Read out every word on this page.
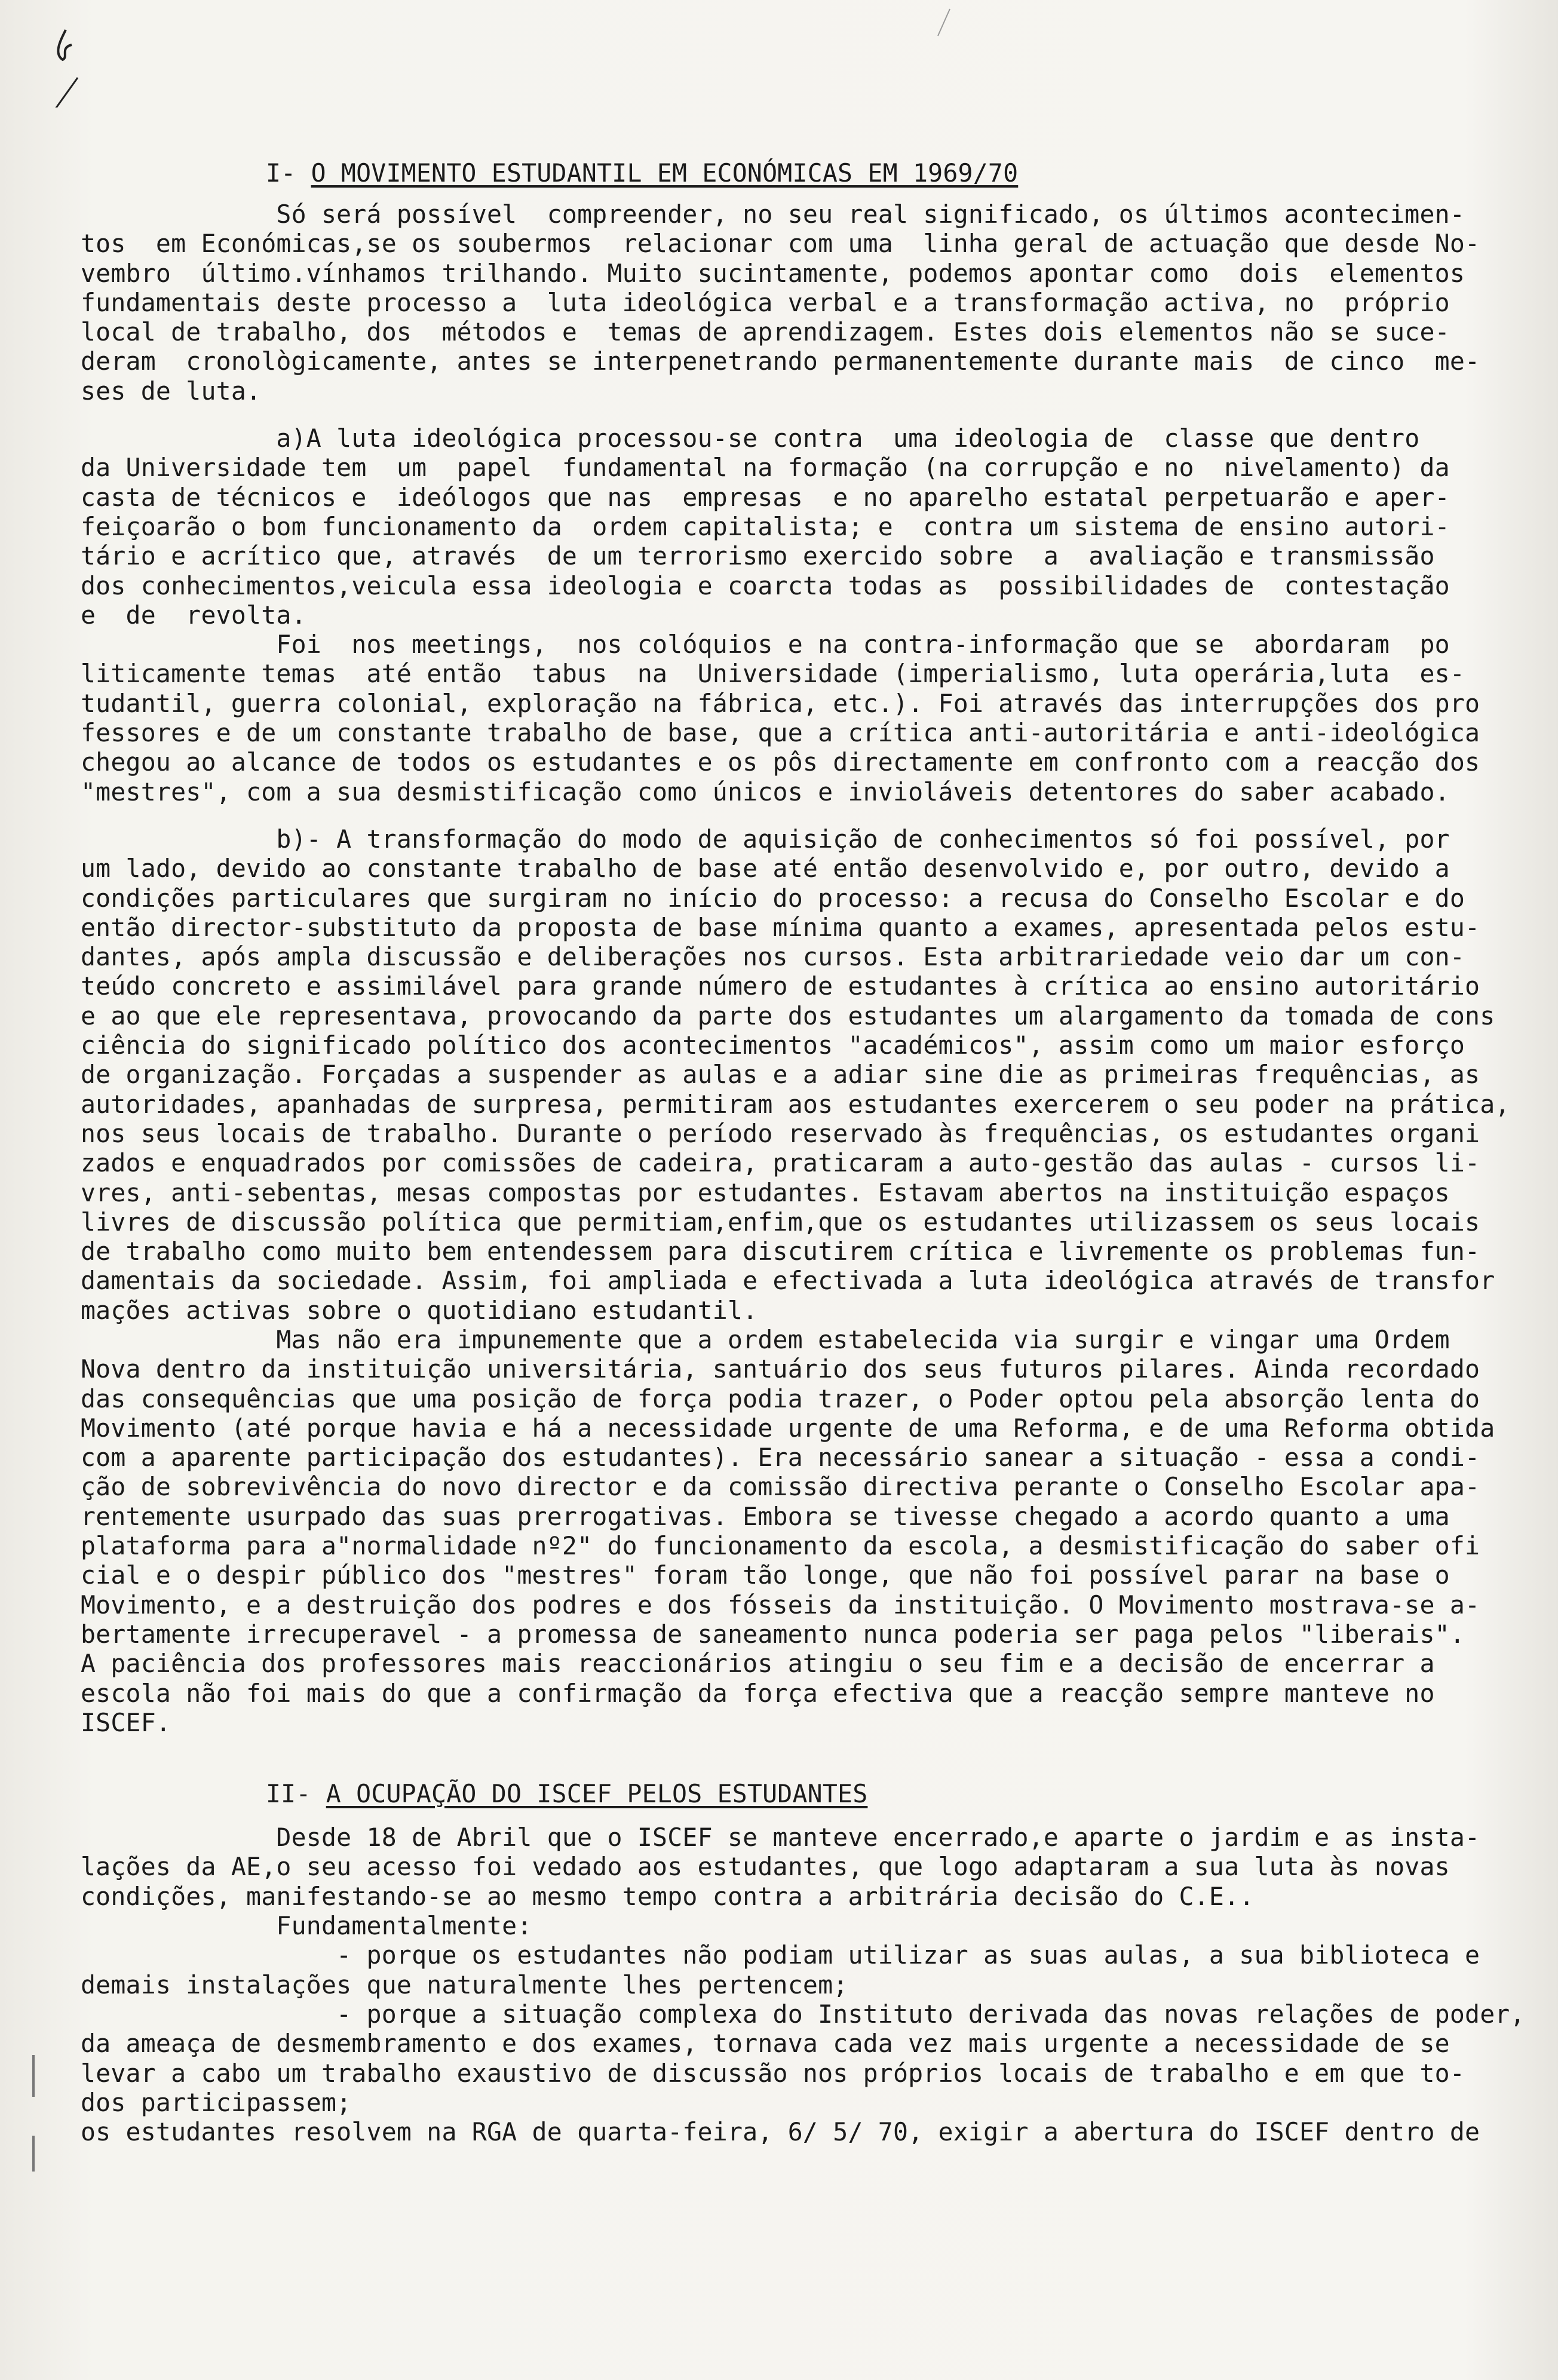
I- O MOVIMENTO ESTUDANTIL EM ECONÓMICAS EM 1969/70
Só será possível  compreender, no seu real significado, os últimos acontecimen-
tos  em Económicas,se os soubermos  relacionar com uma  linha geral de actuação que desde No-
vembro  último.vínhamos trilhando. Muito sucintamente, podemos apontar como  dois  elementos
fundamentais deste processo a  luta ideológica verbal e a transformação activa, no  próprio
local de trabalho, dos  métodos e  temas de aprendizagem. Estes dois elementos não se suce-
deram  cronològicamente, antes se interpenetrando permanentemente durante mais  de cinco  me-
ses de luta.
a)A luta ideológica processou-se contra  uma ideologia de  classe que dentro
da Universidade tem  um  papel  fundamental na formação (na corrupção e no  nivelamento) da
casta de técnicos e  ideólogos que nas  empresas  e no aparelho estatal perpetuarão e aper-
feiçoarão o bom funcionamento da  ordem capitalista; e  contra um sistema de ensino autori-
tário e acrítico que, através  de um terrorismo exercido sobre  a  avaliação e transmissão
dos conhecimentos,veicula essa ideologia e coarcta todas as  possibilidades de  contestação
e  de  revolta.
Foi  nos meetings,  nos colóquios e na contra-informação que se  abordaram  po
liticamente temas  até então  tabus  na  Universidade (imperialismo, luta operária,luta  es-
tudantil, guerra colonial, exploração na fábrica, etc.). Foi através das interrupções dos pro
fessores e de um constante trabalho de base, que a crítica anti-autoritária e anti-ideológica
chegou ao alcance de todos os estudantes e os pôs directamente em confronto com a reacção dos
"mestres", com a sua desmistificação como únicos e invioláveis detentores do saber acabado.
b)- A transformação do modo de aquisição de conhecimentos só foi possível, por
um lado, devido ao constante trabalho de base até então desenvolvido e, por outro, devido a
condições particulares que surgiram no início do processo: a recusa do Conselho Escolar e do
então director-substituto da proposta de base mínima quanto a exames, apresentada pelos estu-
dantes, após ampla discussão e deliberações nos cursos. Esta arbitrariedade veio dar um con-
teúdo concreto e assimilável para grande número de estudantes à crítica ao ensino autoritário
e ao que ele representava, provocando da parte dos estudantes um alargamento da tomada de cons
ciência do significado político dos acontecimentos "académicos", assim como um maior esforço
de organização. Forçadas a suspender as aulas e a adiar sine die as primeiras frequências, as
autoridades, apanhadas de surpresa, permitiram aos estudantes exercerem o seu poder na prática,
nos seus locais de trabalho. Durante o período reservado às frequências, os estudantes organi
zados e enquadrados por comissões de cadeira, praticaram a auto-gestão das aulas - cursos li-
vres, anti-sebentas, mesas compostas por estudantes. Estavam abertos na instituição espaços
livres de discussão política que permitiam,enfim,que os estudantes utilizassem os seus locais
de trabalho como muito bem entendessem para discutirem crítica e livremente os problemas fun-
damentais da sociedade. Assim, foi ampliada e efectivada a luta ideológica através de transfor
mações activas sobre o quotidiano estudantil.
Mas não era impunemente que a ordem estabelecida via surgir e vingar uma Ordem
Nova dentro da instituição universitária, santuário dos seus futuros pilares. Ainda recordado
das consequências que uma posição de força podia trazer, o Poder optou pela absorção lenta do
Movimento (até porque havia e há a necessidade urgente de uma Reforma, e de uma Reforma obtida
com a aparente participação dos estudantes). Era necessário sanear a situação - essa a condi-
ção de sobrevivência do novo director e da comissão directiva perante o Conselho Escolar apa-
rentemente usurpado das suas prerrogativas. Embora se tivesse chegado a acordo quanto a uma
plataforma para a"normalidade nº2" do funcionamento da escola, a desmistificação do saber ofi
cial e o despir público dos "mestres" foram tão longe, que não foi possível parar na base o
Movimento, e a destruição dos podres e dos fósseis da instituição. O Movimento mostrava-se a-
bertamente irrecuperavel - a promessa de saneamento nunca poderia ser paga pelos "liberais".
A paciência dos professores mais reaccionários atingiu o seu fim e a decisão de encerrar a
escola não foi mais do que a confirmação da força efectiva que a reacção sempre manteve no
ISCEF.
II- A OCUPAÇÃO DO ISCEF PELOS ESTUDANTES
Desde 18 de Abril que o ISCEF se manteve encerrado,e aparte o jardim e as insta-
lações da AE,o seu acesso foi vedado aos estudantes, que logo adaptaram a sua luta às novas
condições, manifestando-se ao mesmo tempo contra a arbitrária decisão do C.E..
Fundamentalmente:
- porque os estudantes não podiam utilizar as suas aulas, a sua biblioteca e
demais instalações que naturalmente lhes pertencem;
- porque a situação complexa do Instituto derivada das novas relações de poder,
da ameaça de desmembramento e dos exames, tornava cada vez mais urgente a necessidade de se
levar a cabo um trabalho exaustivo de discussão nos próprios locais de trabalho e em que to-
dos participassem;
os estudantes resolvem na RGA de quarta-feira, 6/ 5/ 70, exigir a abertura do ISCEF dentro de
